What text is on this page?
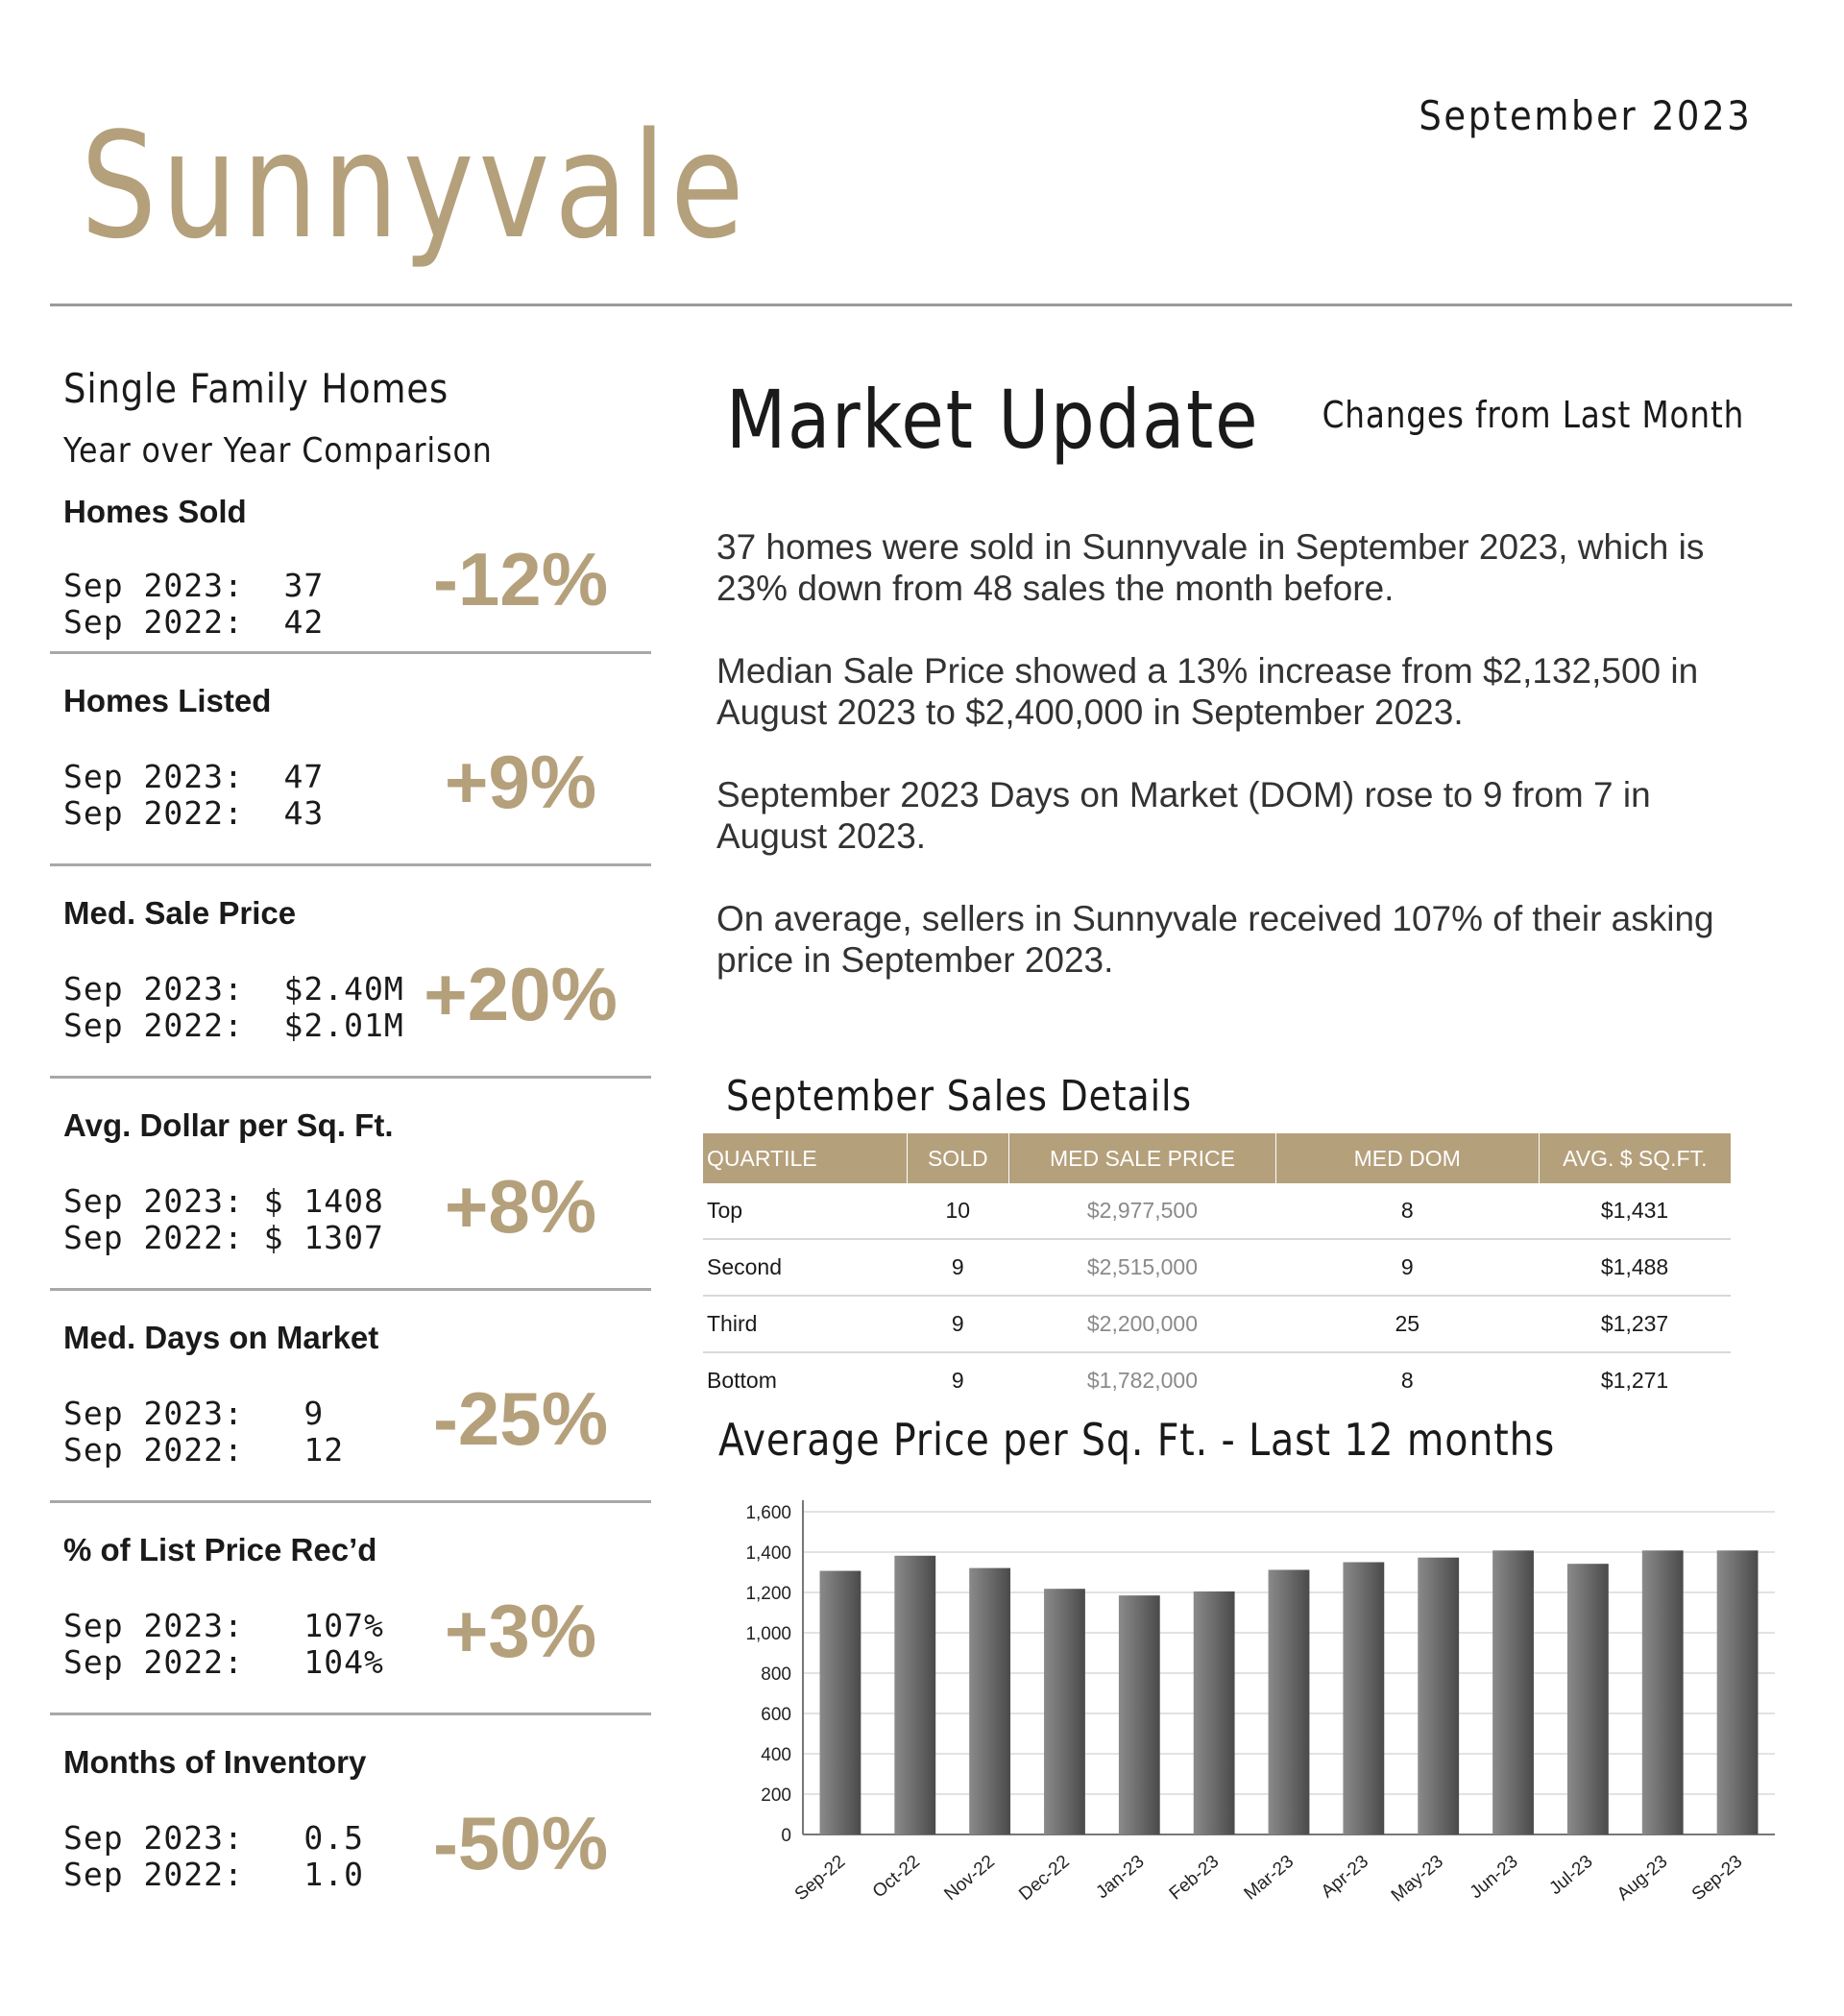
Sunnyvale	September 2023
Single Family Homes
Year over Year Comparison
Homes Sold
Sep 2023:  37
Sep 2022:  42
-12%
Homes Listed
Sep 2023:  47
Sep 2022:  43	+9%
Med. Sale Price
Sep 2023:  $2.40M
Sep 2022:  $2.01M +20%
Avg. Dollar per Sq. Ft.
Sep 2023: $ 1408
Sep 2022: $ 1307 +8%
Med. Days on Market
Sep 2023:   9
Sep 2022:   12 -25%
% of List Price Rec’d
Sep 2023:   107%
Sep 2022:   104% +3%
Months of Inventory
Sep 2023:   0.5
Sep 2022:   1.0 -50%
Market Update Changes from Last Month

37 homes were sold in Sunnyvale in September 2023, which is 23% down from 48 sales the month before.

Median Sale Price showed a 13% increase from $2,132,500 in August 2023 to $2,400,000 in September 2023.

September 2023 Days on Market (DOM) rose to 9 from 7 in August 2023.

On average, sellers in Sunnyvale received 107% of their asking price in September 2023.

September Sales Details
QUARTILE	SOLD	MED SALE PRICE	MED DOM	AVG. $ SQ.FT.
Top	10	$2,977,500	8	$1,431
Second	9	$2,515,000	9	$1,488
Third	9	$2,200,000	25	$1,237
Bottom	9	$1,782,000	8	$1,271
Average Price per Sq. Ft. - Last 12 months
0
200
400
600
800
1,000
1,200
1,400
1,600
Sep-22 Oct-22 Nov-22 Dec-22 Jan-23 Feb-23 Mar-23 Apr-23 May-23 Jun-23 Jul-23 Aug-23 Sep-23
